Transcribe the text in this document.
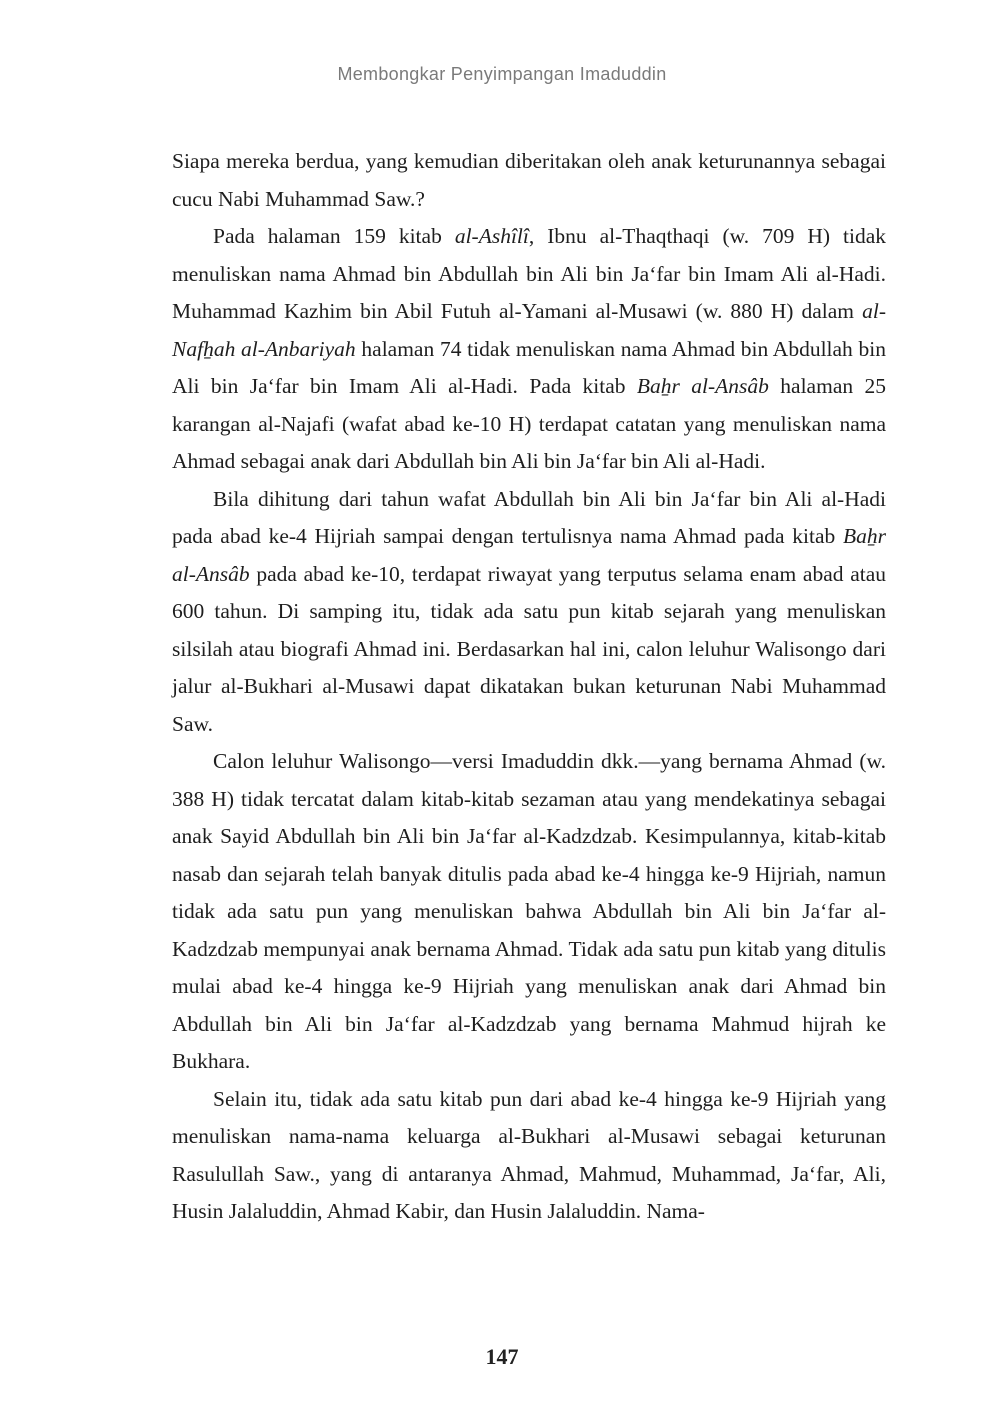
Membongkar Penyimpangan Imaduddin

Siapa mereka berdua, yang kemudian diberitakan oleh anak keturunannya sebagai cucu Nabi Muhammad Saw.?

Pada halaman 159 kitab al-Ashîlî, Ibnu al-Thaqthaqi (w. 709 H) tidak menuliskan nama Ahmad bin Abdullah bin Ali bin Ja‘far bin Imam Ali al-Hadi. Muhammad Kazhim bin Abil Futuh al-Yamani al-Musawi (w. 880 H) dalam al-Nafẖah al-Anbariyah halaman 74 tidak menuliskan nama Ahmad bin Abdullah bin Ali bin Ja‘far bin Imam Ali al-Hadi. Pada kitab Baẖr al-Ansâb halaman 25 karangan al-Najafi (wafat abad ke-10 H) terdapat catatan yang menuliskan nama Ahmad sebagai anak dari Abdullah bin Ali bin Ja‘far bin Ali al-Hadi.

Bila dihitung dari tahun wafat Abdullah bin Ali bin Ja‘far bin Ali al-Hadi pada abad ke-4 Hijriah sampai dengan tertulisnya nama Ahmad pada kitab Baẖr al-Ansâb pada abad ke-10, terdapat riwayat yang terputus selama enam abad atau 600 tahun. Di samping itu, tidak ada satu pun kitab sejarah yang menuliskan silsilah atau biografi Ahmad ini. Berdasarkan hal ini, calon leluhur Walisongo dari jalur al-Bukhari al-Musawi dapat dikatakan bukan keturunan Nabi Muhammad Saw.

Calon leluhur Walisongo—versi Imaduddin dkk.—yang bernama Ahmad (w. 388 H) tidak tercatat dalam kitab-kitab sezaman atau yang mendekatinya sebagai anak Sayid Abdullah bin Ali bin Ja‘far al-Kadzdzab. Kesimpulannya, kitab-kitab nasab dan sejarah telah banyak ditulis pada abad ke-4 hingga ke-9 Hijriah, namun tidak ada satu pun yang menuliskan bahwa Abdullah bin Ali bin Ja‘far al-Kadzdzab mempunyai anak bernama Ahmad. Tidak ada satu pun kitab yang ditulis mulai abad ke-4 hingga ke-9 Hijriah yang menuliskan anak dari Ahmad bin Abdullah bin Ali bin Ja‘far al-Kadzdzab yang bernama Mahmud hijrah ke Bukhara.

Selain itu, tidak ada satu kitab pun dari abad ke-4 hingga ke-9 Hijriah yang menuliskan nama-nama keluarga al-Bukhari al-Musawi sebagai keturunan Rasulullah Saw., yang di antaranya Ahmad, Mahmud, Muhammad, Ja‘far, Ali, Husin Jalaluddin, Ahmad Kabir, dan Husin Jalaluddin. Nama-

147
